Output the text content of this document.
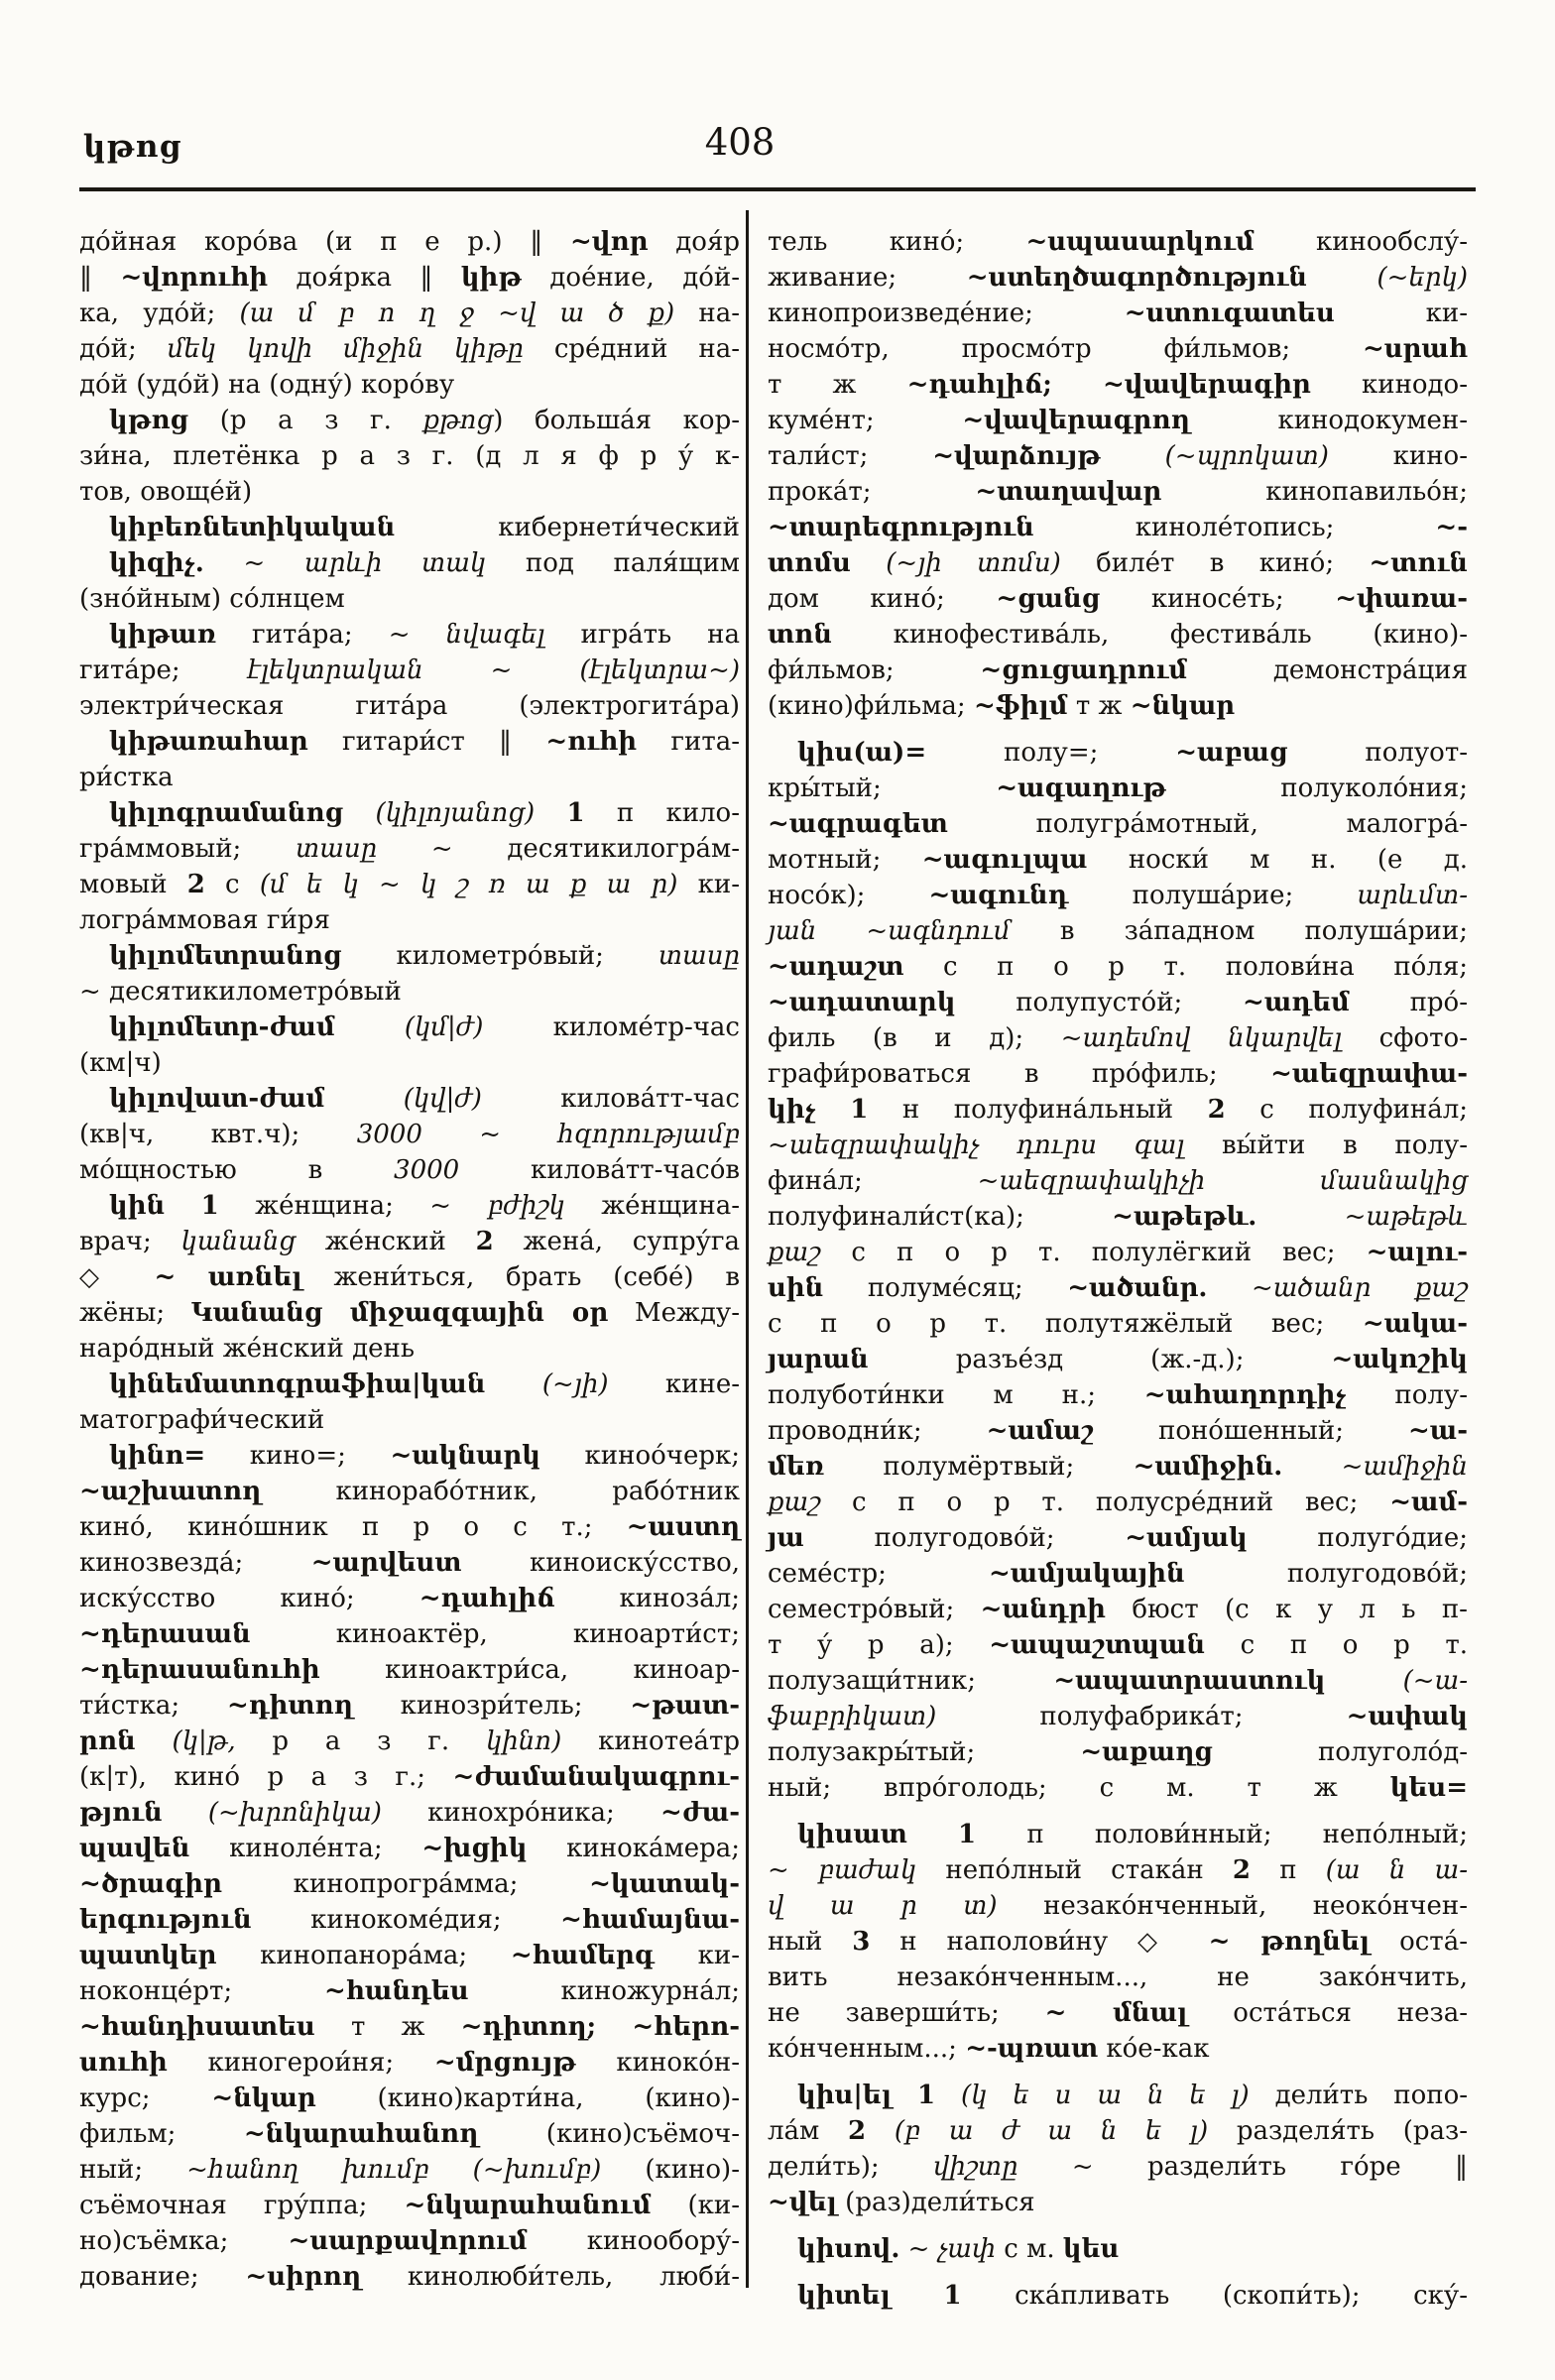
կթոց	408
до́йная коро́ва (и п е р.) ‖ ~վոր доя́р
‖ ~վորուհի доя́рка ‖ կիթ дое́ние, до́й-
ка, удо́й; (ա մ բ ո ղ ջ ~վ ա ծ ք) на-
до́й; մեկ կովի միջին կիթը сре́дний на-
до́й (удо́й) на (одну́) коро́ву
կթոց (р а з г. քթոց) больша́я кор-
зи́на, плетёнка р а з г. (д л я ф р у́ к-
тов, овоще́й)
կիբեռնետիկական кибернети́ческий
կիզիչ. ~ արևի տակ под паля́щим
(зно́йным) со́лнцем
կիթառ гита́ра; ~ նվագել игра́ть на
гита́ре; էլեկտրական ~ (էլեկտրա~)
электри́ческая гита́ра (электрогита́ра)
կիթառահար гитари́ст ‖ ~ուհի гита-
ри́стка
կիլոգրամանոց (կիլոյանոց) 1 п кило-
гра́ммовый; տասը ~ десятикилогра́м-
мовый 2 с (մ ե կ ~ կ շ ռ ա ք ա ր) ки-
логра́ммовая ги́ря
կիլոմետրանոց километро́вый; տասը
~ десятикилометро́вый
կիլոմետր-ժամ	(կմ|ժ) киломе́тр-час
(км|ч)
կիլովատ-ժամ	(կվ|ժ) килова́тт-час
(кв|ч, квт.ч); 3000 ~ հզորությամբ
мо́щностью в 3000 килова́тт-часо́в
կին 1 же́нщина; ~ բժիշկ же́нщина-
врач; կանանց же́нский 2 жена́, супру́га
◇ ~ առնել жени́ться, брать (себе́) в
жёны; Կանանց միջազգային օր Между-
наро́дный же́нский день
կինեմատոգրաֆիա|կան (~յի) кине-
матографи́ческий
կինո= кино=; ~ակնարկ киноо́черк;
~աշխատող кинорабо́тник, рабо́тник
кино́, кино́шник п р о с т.; ~աստղ
кинозвезда́; ~արվեստ киноиску́сство,
иску́сство кино́; ~դահլիճ киноза́л;
~դերասան киноактёр, киноарти́ст;
~դերասանուհի киноактри́са, киноар-
ти́стка; ~դիտող кинозри́тель; ~թատ-
րոն (կ|թ, р а з г. կինո) кинотеа́тр
(к|т), кино́ р а з г.; ~ժամանակագրու-
թյուն (~խրոնիկա) кинохро́ника; ~ժա-
պավեն киноле́нта; ~խցիկ кинока́мера;
~ծրագիր кинопрогра́мма; ~կատակ-
երգություն кинокоме́дия; ~համայնա-
պատկեր кинопанора́ма; ~համերգ ки-
ноконце́рт; ~հանդես киножурна́л;
~հանդիսատես т ж ~դիտող; ~հերո-
սուհի киногерои́ня; ~մրցույթ киноко́н-
курс; ~նկար (кино)карти́на, (кино)-
фильм; ~նկարահանող (кино)съёмоч-
ный; ~հանող խումբ (~խումբ) (кино)-
съёмочная гру́ппа; ~նկարահանում (ки-
но)съёмка; ~սարքավորում кинообору́-
дование; ~սիրող кинолюби́тель, люби́-
тель кино́; ~սպասարկում кинообслу́-
живание; ~ստեղծագործություն	(~երկ)
кинопроизведе́ние; ~ստուգատես ки-
носмо́тр, просмо́тр фи́льмов; ~սրահ
т ж ~դահլիճ; ~վավերագիր кинодо-
куме́нт; ~վավերագրող кинодокумен-
тали́ст; ~վարձույթ (~պրոկատ) кино-
прока́т; ~տաղավար кинопавильо́н;
~տարեգրություն киноле́топись; ~-
տոմս (~յի տոմս) биле́т в кино́; ~տուն
дом кино́; ~ցանց киносе́ть; ~փառա-
տոն кинофестива́ль, фестива́ль (кино)-
фи́льмов; ~ցուցադրում демонстра́ция
(кино)фи́льма; ~ֆիլմ т ж ~նկար
կիս(ա)= полу=; ~աբաց полуот-
кры́тый; ~ագաղութ полуколо́ния;
~ագրագետ полугра́мотный, малогра́-
мотный; ~ագուլպա носки́ м н. (е д.
носо́к); ~ագունդ полуша́рие; արևմտ-
յան ~ագնդում в за́падном полуша́рии;
~ադաշտ с п о р т. полови́на по́ля;
~ադատարկ полупусто́й; ~ադեմ про́-
филь (в и д); ~ադեմով նկարվել сфото-
графи́роваться в про́филь; ~աեզրափա-
կիչ 1 н полуфина́льный 2 с полуфина́л;
~աեզրափակիչ դուրս գալ вы́йти в полу-
фина́л; ~աեզրափակիչի մասնակից
полуфинали́ст(ка); ~աթեթև.	~աթեթև
քաշ с п о р т. полулёгкий вес; ~ալու-
սին полуме́сяц; ~ածանր. ~ածանր քաշ
с п о р т. полутяжёлый вес; ~ակա-
յարան разъе́зд (ж.-д.); ~ակոշիկ
полуботи́нки м н.; ~ահաղորդիչ полу-
проводни́к; ~ամաշ поно́шенный; ~ա-
մեռ полумёртвый; ~ամիջին. ~ամիջին
քաշ с п о р т. полусре́дний вес; ~ամ-
յա полугодово́й; ~ամյակ полуго́дие;
семе́стр; ~ամյակային полугодово́й;
семестро́вый; ~անդրի бюст (с к у л ь п-
т у́ р а); ~ապաշտպան с п о р т.
полузащи́тник; ~ապատրաստուկ	(~ա-
ֆաբրիկատ) полуфабрика́т; ~ափակ
полузакры́тый; ~աքաղց полуголо́д-
ный; впро́голодь; с м. т ж կես=
կիսատ 1 п полови́нный; непо́лный;
~ բաժակ непо́лный стака́н 2 п (ա ն ա-
վ ա ր տ) незако́нченный, неоко́нчен-
ный 3 н наполови́ну ◇ ~ թողնել оста́-
вить незако́нченным..., не зако́нчить,
не заверши́ть; ~ մնալ оста́ться неза-
ко́нченным...; ~-պռատ ко́е-как
կիս|ել 1 (կ ե ս ա ն ե լ) дели́ть попо-
ла́м 2 (բ ա ժ ա ն ե լ) разделя́ть (раз-
дели́ть); վիշտը ~ раздели́ть го́ре ‖
~վել (раз)дели́ться
կիսով. ~ չափ с м. կես
կիտել 1 ска́пливать (скопи́ть); ску́-
